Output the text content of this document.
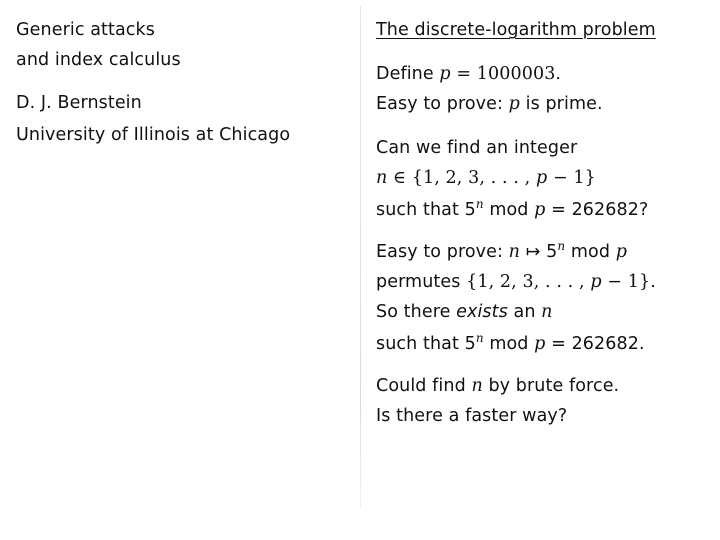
Generic attacks
and index calculus
D. J. Bernstein
University of Illinois at Chicago
The discrete-logarithm problem
Define p = 1000003.
Easy to prove: p is prime.
Can we find an integer
n ∈ {1, 2, 3, . . . , p − 1}
such that 5$^n$ mod p = 262682?
Easy to prove: n ↦ 5$^n$ mod p
permutes {1, 2, 3, . . . , p − 1}.
So there exists an n
such that 5$^n$ mod p = 262682.
Could find n by brute force.
Is there a faster way?
